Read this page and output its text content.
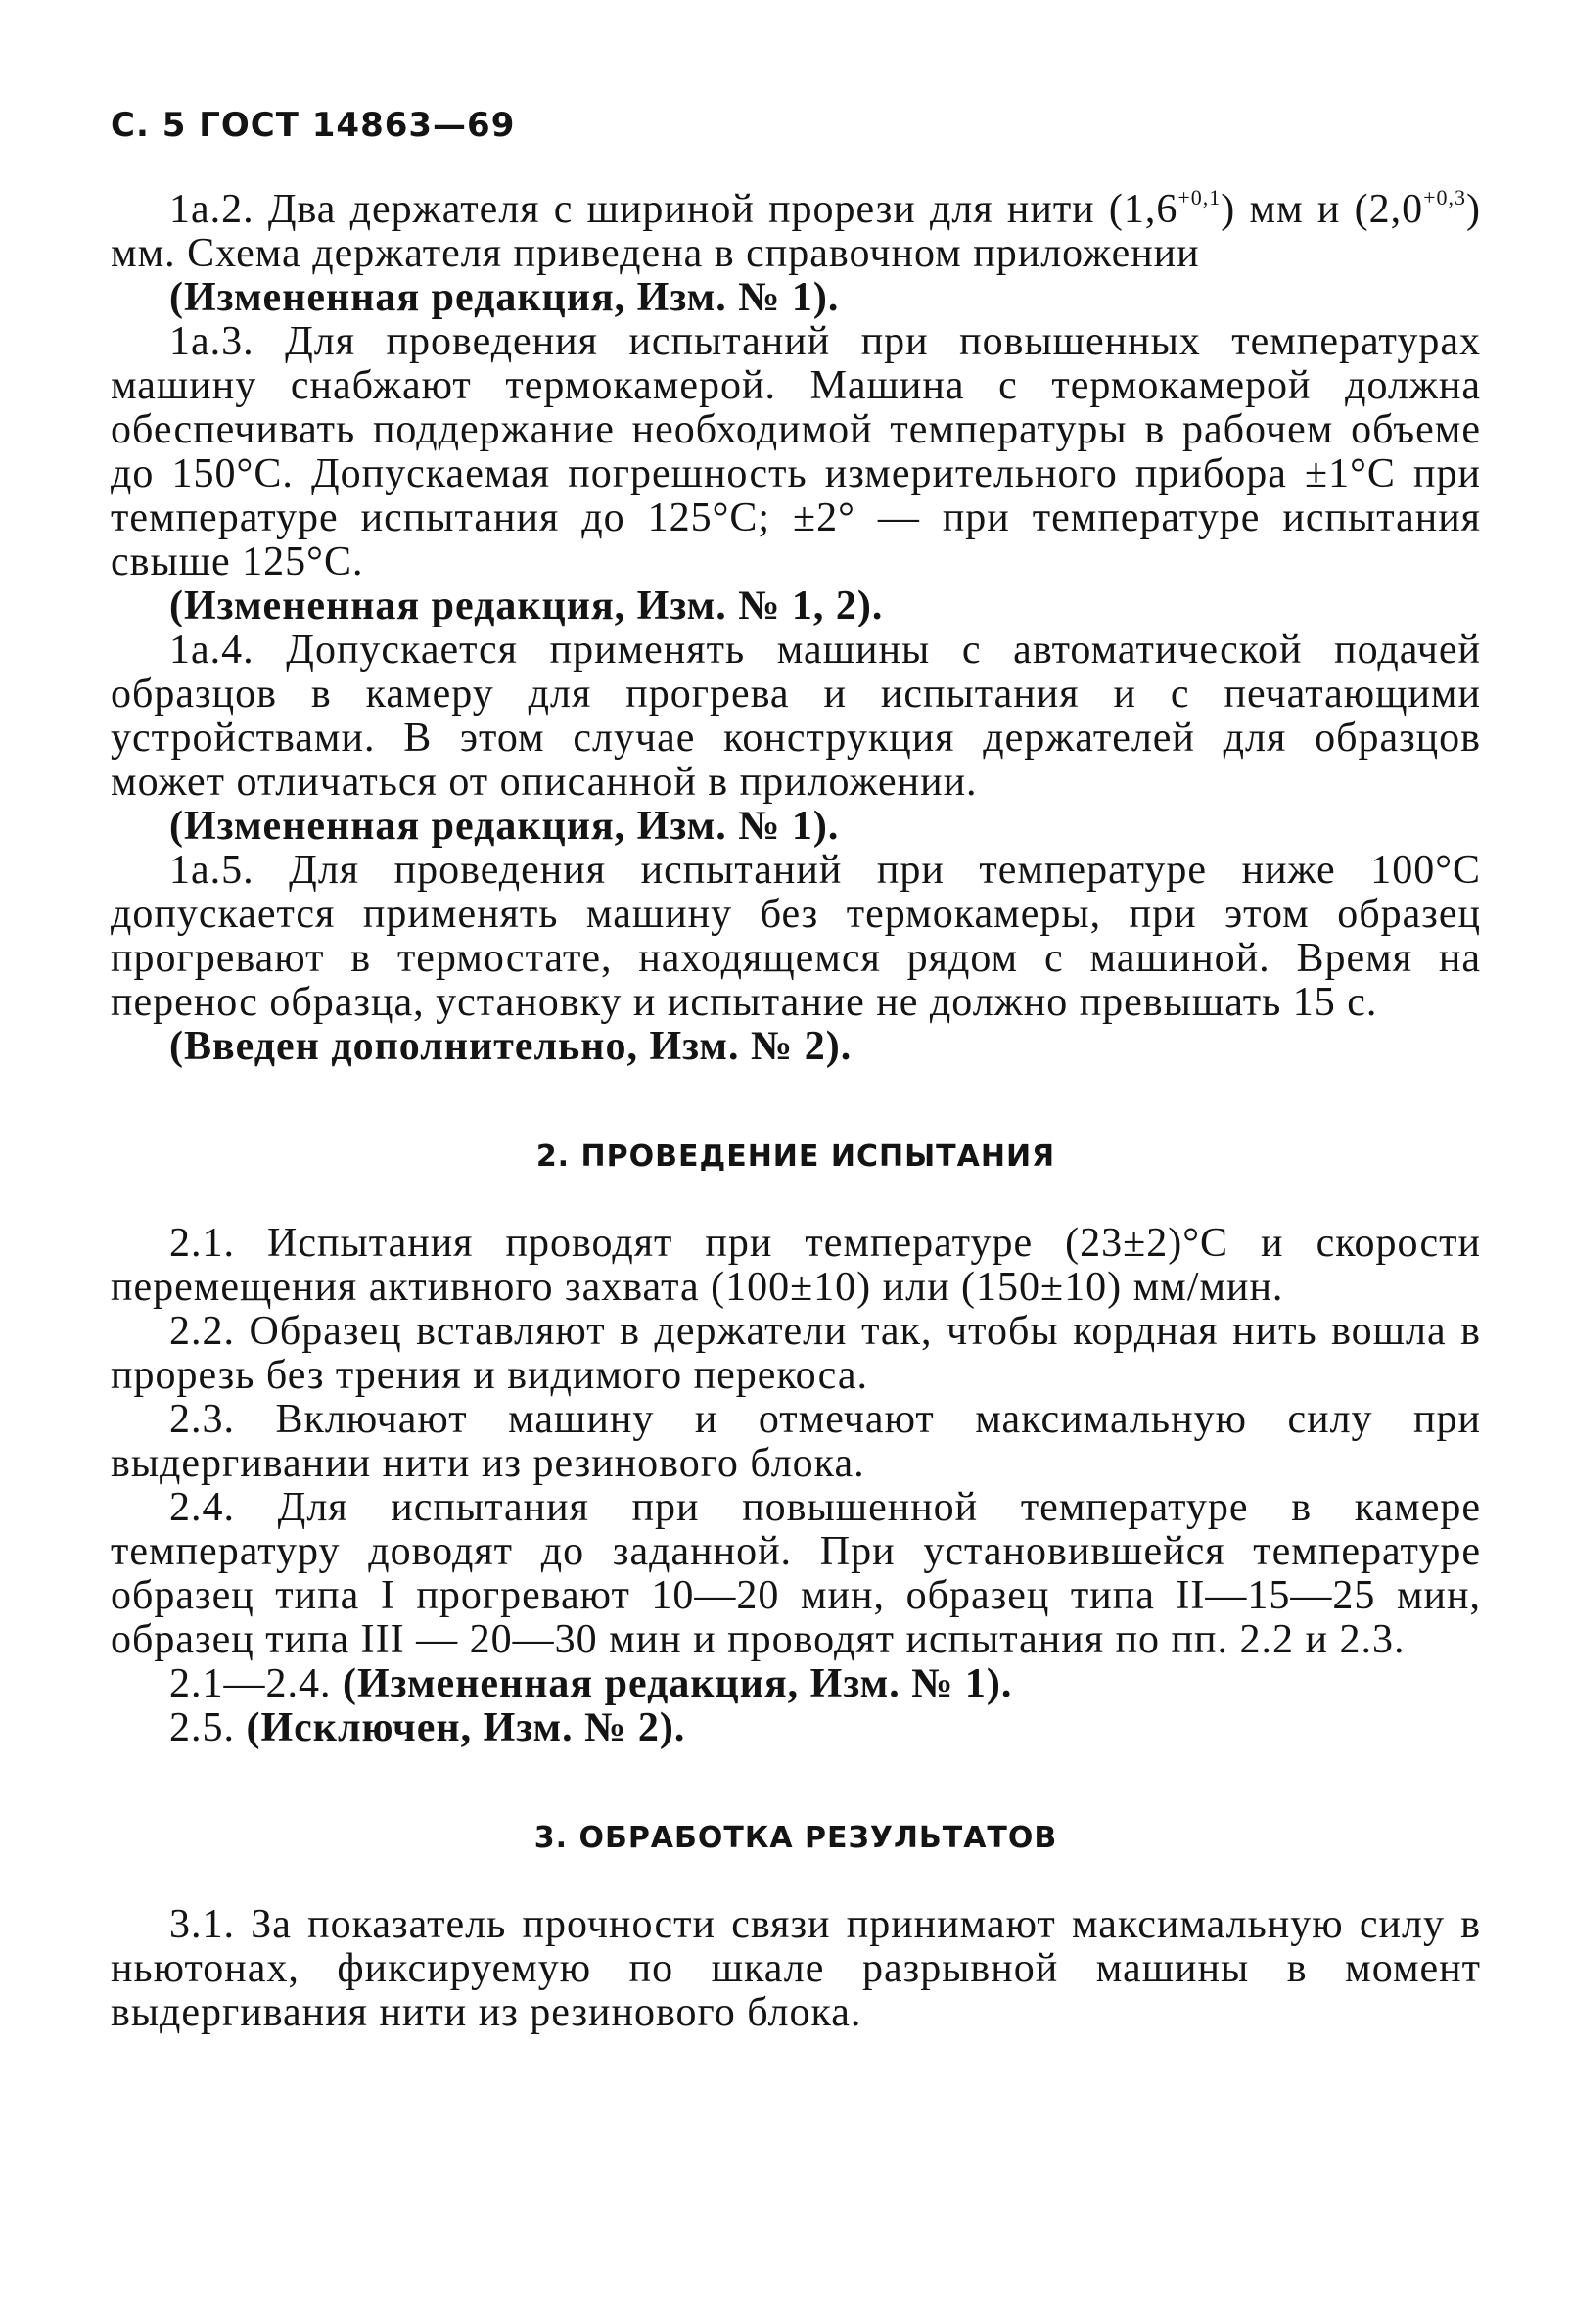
С. 5 ГОСТ 14863—69

1а.2. Два держателя с шириной прорези для нити $(1,6^{+0,1})$ мм и $(2,0^{+0,3})$ мм. Схема держателя приведена в справочном приложении

(Измененная редакция, Изм. № 1).

1а.3. Для проведения испытаний при повышенных температурах машину снабжают термокамерой. Машина с термокамерой должна обеспечивать поддержание необходимой температуры в рабочем объеме до 150°С. Допускаемая погрешность измерительного прибора ±1°С при температуре испытания до 125°С; ±2° — при температуре испытания свыше 125°С.

(Измененная редакция, Изм. № 1, 2).

1а.4. Допускается применять машины с автоматической подачей образцов в камеру для прогрева и испытания и с печатающими устройствами. В этом случае конструкция держателей для образцов может отличаться от описанной в приложении.

(Измененная редакция, Изм. № 1).

1а.5. Для проведения испытаний при температуре ниже 100°С допускается применять машину без термокамеры, при этом образец прогревают в термостате, находящемся рядом с машиной. Время на перенос образца, установку и испытание не должно превышать 15 с.

(Введен дополнительно, Изм. № 2).

2. ПРОВЕДЕНИЕ ИСПЫТАНИЯ

2.1. Испытания проводят при температуре (23±2)°С и скорости перемещения активного захвата (100±10) или (150±10) мм/мин.

2.2. Образец вставляют в держатели так, чтобы кордная нить вошла в прорезь без трения и видимого перекоса.

2.3. Включают машину и отмечают максимальную силу при выдергивании нити из резинового блока.

2.4. Для испытания при повышенной температуре в камере температуру доводят до заданной. При установившейся температуре образец типа I прогревают 10—20 мин, образец типа II—15—25 мин, образец типа III — 20—30 мин и проводят испытания по пп. 2.2 и 2.3.

2.1—2.4. (Измененная редакция, Изм. № 1).

2.5. (Исключен, Изм. № 2).

3. ОБРАБОТКА РЕЗУЛЬТАТОВ

3.1. За показатель прочности связи принимают максимальную силу в ньютонах, фиксируемую по шкале разрывной машины в момент выдергивания нити из резинового блока.
